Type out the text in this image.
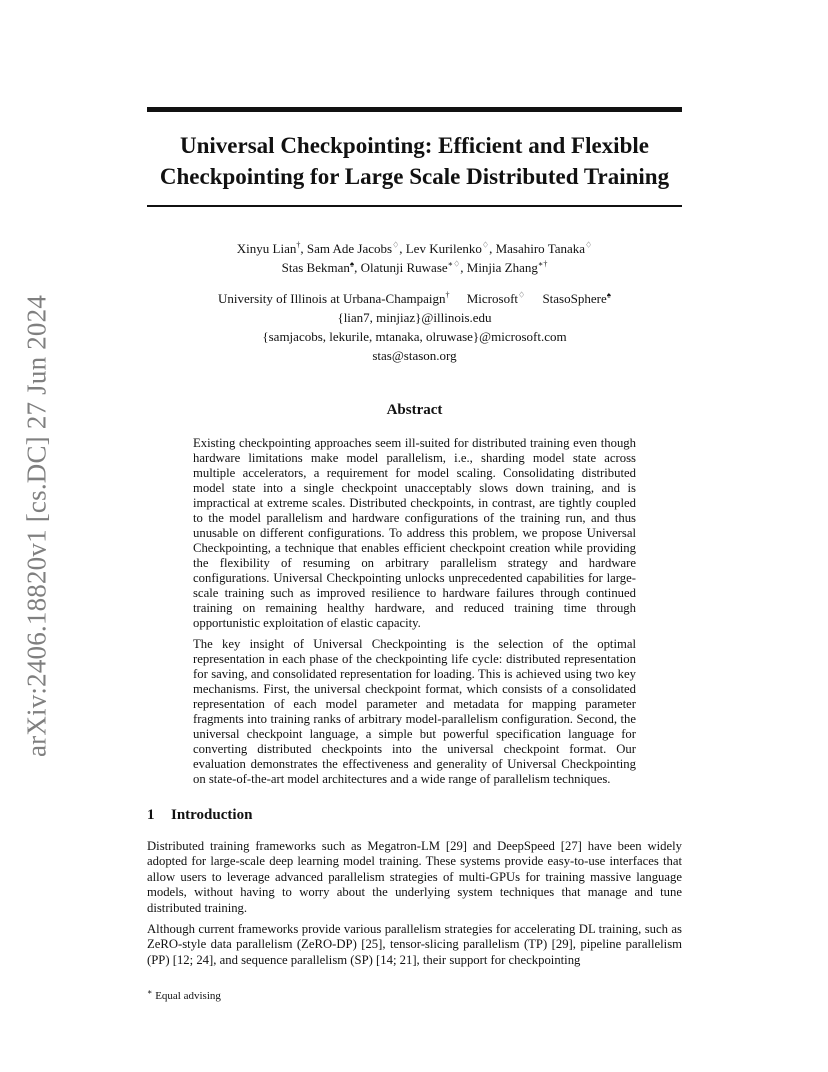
arXiv:2406.18820v1 [cs.DC] 27 Jun 2024
Universal Checkpointing: Efficient and Flexible
Checkpointing for Large Scale Distributed Training
Xinyu Lian†, Sam Ade Jacobs♢, Lev Kurilenko♢, Masahiro Tanaka♢
Stas Bekman♠, Olatunji Ruwase∗♢, Minjia Zhang∗†
University of Illinois at Urbana-Champaign† Microsoft♢ StasoSphere♠
{lian7, minjiaz}@illinois.edu
{samjacobs, lekurile, mtanaka, olruwase}@microsoft.com
stas@stason.org
Abstract

Existing checkpointing approaches seem ill-suited for distributed training even though hardware limitations make model parallelism, i.e., sharding model state across multiple accelerators, a requirement for model scaling. Consolidating distributed model state into a single checkpoint unacceptably slows down training, and is impractical at extreme scales. Distributed checkpoints, in contrast, are tightly coupled to the model parallelism and hardware configurations of the training run, and thus unusable on different configurations. To address this problem, we propose Universal Checkpointing, a technique that enables efficient checkpoint creation while providing the flexibility of resuming on arbitrary parallelism strategy and hardware configurations. Universal Checkpointing unlocks unprecedented capabilities for large-scale training such as improved resilience to hardware failures through continued training on remaining healthy hardware, and reduced training time through opportunistic exploitation of elastic capacity.

The key insight of Universal Checkpointing is the selection of the optimal representation in each phase of the checkpointing life cycle: distributed representation for saving, and consolidated representation for loading. This is achieved using two key mechanisms. First, the universal checkpoint format, which consists of a consolidated representation of each model parameter and metadata for mapping parameter fragments into training ranks of arbitrary model-parallelism configuration. Second, the universal checkpoint language, a simple but powerful specification language for converting distributed checkpoints into the universal checkpoint format. Our evaluation demonstrates the effectiveness and generality of Universal Checkpointing on state-of-the-art model architectures and a wide range of parallelism techniques.

1 Introduction

Distributed training frameworks such as Megatron-LM [29] and DeepSpeed [27] have been widely adopted for large-scale deep learning model training. These systems provide easy-to-use interfaces that allow users to leverage advanced parallelism strategies of multi-GPUs for training massive language models, without having to worry about the underlying system techniques that manage and tune distributed training.

Although current frameworks provide various parallelism strategies for accelerating DL training, such as ZeRO-style data parallelism (ZeRO-DP) [25], tensor-slicing parallelism (TP) [29], pipeline parallelism (PP) [12; 24], and sequence parallelism (SP) [14; 21], their support for checkpointing

∗ Equal advising
